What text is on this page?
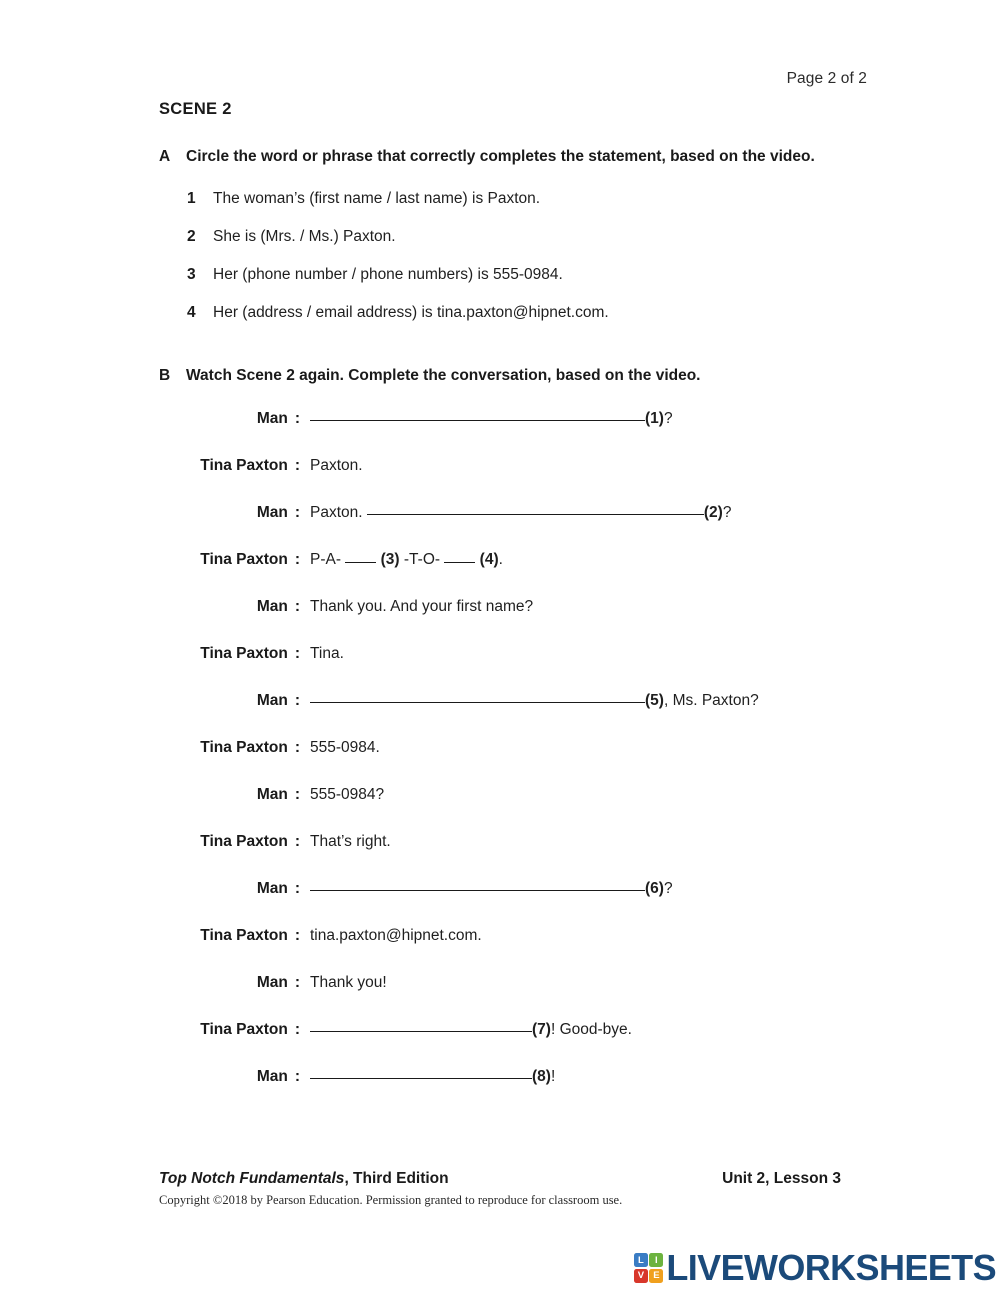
Page 2 of 2
SCENE 2
A	Circle the word or phrase that correctly completes the statement, based on the video.
1	The woman’s (first name / last name) is Paxton.
2	She is (Mrs. / Ms.) Paxton.
3	Her (phone number / phone numbers) is 555-0984.
4	Her (address / email address) is tina.paxton@hipnet.com.
B	Watch Scene 2 again. Complete the conversation, based on the video.
Man :	(1)?
Tina Paxton : Paxton.
Man : Paxton.	(2)?
Tina Paxton : P-A-	(3) -T-O-	(4).
Man : Thank you. And your first name?
Tina Paxton : Tina.
Man :	(5), Ms. Paxton?
Tina Paxton : 555-0984.
Man : 555-0984?
Tina Paxton : That’s right.
Man :	(6)?
Tina Paxton : tina.paxton@hipnet.com.
Man : Thank you!
Tina Paxton :	(7)! Good-bye.
Man :	(8)!
Top Notch Fundamentals, Third Edition	Unit 2, Lesson 3
Copyright ©2018 by Pearson Education. Permission granted to reproduce for classroom use.
L	I
V E LIVEWORKSHEETS
